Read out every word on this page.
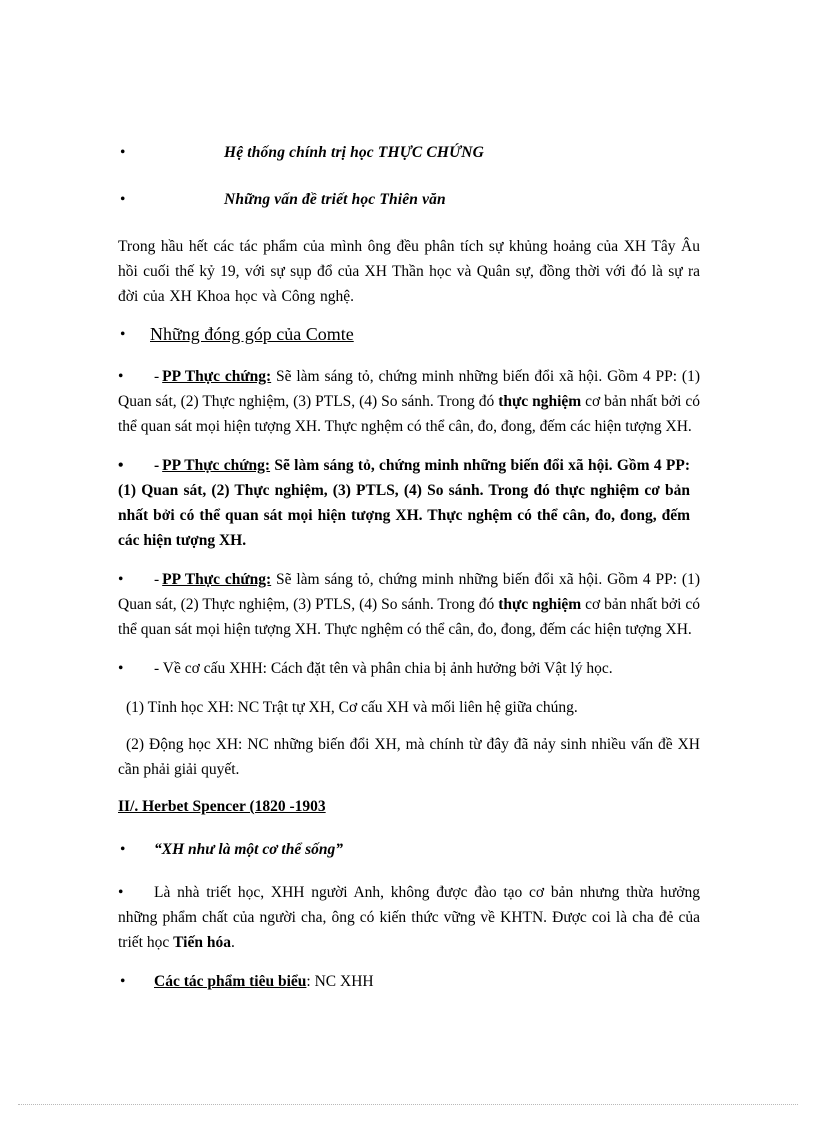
•	Hệ thống chính trị học THỰC CHỨNG
•	Những vấn đề triết học Thiên văn

Trong hầu hết các tác phẩm của mình ông đều phân tích sự khủng hoảng của XH Tây Âu hồi cuối thế kỷ 19, với sự sụp đổ của XH Thần học và Quân sự, đồng thời với đó là sự ra đời của XH Khoa học và Công nghệ.

• Những đóng góp của Comte

• - PP Thực chứng: Sẽ làm sáng tỏ, chứng minh những biến đổi xã hội. Gồm 4 PP: (1) Quan sát, (2) Thực nghiệm, (3) PTLS, (4) So sánh. Trong đó thực nghiệm cơ bản nhất bởi có thể quan sát mọi hiện tượng XH. Thực nghệm có thể cân, đo, đong, đếm các hiện tượng XH.

• - PP Thực chứng: Sẽ làm sáng tỏ, chứng minh những biến đổi xã hội. Gồm 4 PP: (1) Quan sát, (2) Thực nghiệm, (3) PTLS, (4) So sánh. Trong đó thực nghiệm cơ bản nhất bởi có thể quan sát mọi hiện tượng XH. Thực nghệm có thể cân, đo, đong, đếm các hiện tượng XH.

• - PP Thực chứng: Sẽ làm sáng tỏ, chứng minh những biến đổi xã hội. Gồm 4 PP: (1) Quan sát, (2) Thực nghiệm, (3) PTLS, (4) So sánh. Trong đó thực nghiệm cơ bản nhất bởi có thể quan sát mọi hiện tượng XH. Thực nghệm có thể cân, đo, đong, đếm các hiện tượng XH.

• - Về cơ cấu XHH: Cách đặt tên và phân chia bị ảnh hưởng bởi Vật lý học.

(1) Tỉnh học XH: NC Trật tự XH, Cơ cấu XH và mối liên hệ giữa chúng.

(2) Động học XH: NC những biến đổi XH, mà chính từ đây đã nảy sinh nhiều vấn đề XH cần phải giải quyết.

II/. Herbet Spencer (1820 -1903

• “XH như là một cơ thể sống”

• Là nhà triết học, XHH người Anh, không được đào tạo cơ bản nhưng thừa hưởng những phẩm chất của người cha, ông có kiến thức vững về KHTN. Được coi là cha đẻ của triết học Tiến hóa.

• Các tác phẩm tiêu biểu: NC XHH
